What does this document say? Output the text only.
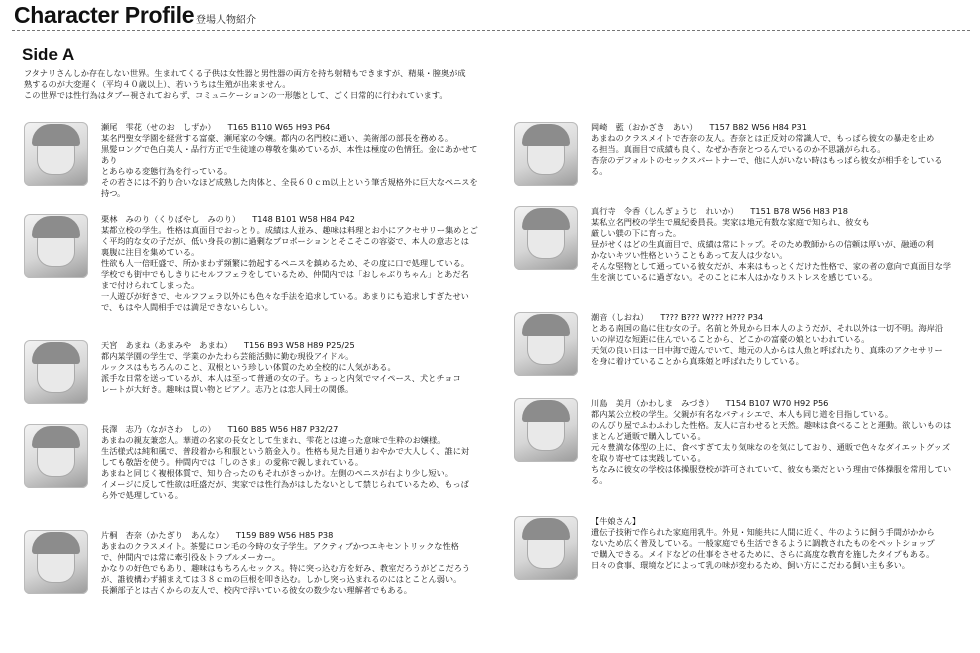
Character Profile 登場人物紹介
Side A

フタナリさんしか存在しない世界。生まれてくる子供は女性器と男性器の両方を持ち射精もできますが、精巣・膣奥が成

熟するのが大変遅く（平均４０歳以上）、若いうちは生殖が出来ません。

この世界では性行為はタブー視されておらず、コミュニケーションの一形態として、ごく日常的に行われています。

瀬尾　雫花（せのお　しずか） T165 B110 W65 H93 P64

某名門聖女学園を経営する富豪、瀬尾家の令嬢。都内の名門校に通い、美術部の部長を務める。

黒髪ロングで色白美人・品行方正で生徒達の尊敬を集めているが、本性は極度の色情狂。金にあかせてあり

とあらゆる変態行為を行っている。

その若さには不釣り合いなほど成熟した肉体と、全長６０ｃｍ以上という筆舌規格外に巨大なペニスを

持つ。

栗林　みのり（くりばやし　みのり） T148 B101 W58 H84 P42

某都立校の学生。性格は真面目でおっとり。成績は人並み、趣味は料理とお小にアクセサリー集めとご

く平均的な女の子だが、低い身長の割に過剰なプロポーションとそこそこの容姿で、本人の意志とは

裏腹に注目を集めている。

性欲も人一倍旺盛で、所かまわず頻繁に勃起するペニスを鎮めるため、その度に口で処理している。

学校でも街中でもしきりにセルフフェラをしているため、仲間内では「おしゃぶりちゃん」とあだ名

まで付けられてしまった。

一人遊びが好きで、セルフフェラ以外にも色々な手法を追求している。あまりにも追求しすぎたせい

で、もはや人間相手では満足できないらしい。

天宮　あまね（あまみや　あまね） T156 B93 W58 H89 P25/25

都内某学園の学生で、学業のかたわら芸能活動に勤む現役アイドル。

ルックスはもちろんのこと、双根という珍しい体質のため全校的に人気がある。

派手な日常を送っているが、本人は至って普通の女の子。ちょっと内気でマイペース、犬とチョコ

レートが大好き。趣味は買い物とピアノ。志乃とは恋人同士の関係。

長澤　志乃（ながさわ　しの） T160 B85 W56 H87 P32/27

あまねの親友兼恋人。華道の名家の長女として生まれ、雫花とは違った意味で生粋のお嬢様。

生活様式は純和風で、普段着から和服という筋金入り。性格も見た目通りおやかで大人しく、誰に対

しても敬語を使う。仲間内では「しのさま」の愛称で親しまれている。

あまねと同じく複根体質で、知り合ったのもそれがきっかけ。左側のペニスが右より少し短い。

イメージに反して性欲は旺盛だが、実家では性行為がはしたないとして禁じられているため、もっぱ

ら外で処理している。

片桐　杏奈（かたぎり　あんな） T159 B89 W56 H85 P38

あまねのクラスメイト。茶髪にロン毛の今時の女子学生。アクティブかつエキセントリックな性格

で、仲間内では常に牽引役＆トラブルメーカー。

かなりの好色でもあり、趣味はもちろんセックス。特に突っ込む方を好み、教室だろうがどこだろう

が、誰彼構わず捕まえては３８ｃｍの巨根を叩き込む。しかし突っ込まれるのにはとことん弱い。

長瀬部子とは古くからの友人で、校内で浮いている彼女の数少ない理解者でもある。

岡崎　藍（おかざき　あい） T157 B82 W56 H84 P31

あまねのクラスメイトで杏奈の友人。杏奈とは正反対の常識人で、もっぱら彼女の暴走を止め

る担当。真面目で成績も良く、なぜか杏奈とつるんでいるのか不思議がられる。

杏奈のデフォルトのセックスパートナーで、他に人がいない時はもっぱら彼女が相手をしている

る。

真行寺　令香（しんぎょうじ　れいか） T151 B78 W56 H83 P18

某私立名門校の学生で風紀委員長。実家は地元有数な家庭で知られ、彼女も

厳しい躾の下に育った。

昼がせくはどの生真面目で、成績は常にトップ。そのため教師からの信頼は厚いが、融通の利

かないキツい性格ということもあって友人は少ない。

そんな堅物として通っている彼女だが、本来はもっとくだけた性格で、家の者の意向で真面目な学

生を演じているに過ぎない。そのことに本人はかなりストレスを感じている。

潮音（しおね） T??? B??? W??? H??? P34

とある南国の島に住む女の子。名前と外見から日本人のようだが、それ以外は一切不明。海岸沿

いの岸辺な短距に住んでいることから、どこかの富豪の娘といわれている。

天気の良い日は一日中海で遊んでいて、地元の人からは人魚と呼ばれたり、真珠のアクセサリー

を身に着けていることから真珠姫と呼ばれたりしている。

川島　美月（かわしま　みづき） T154 B107 W70 H92 P56

都内某公立校の学生。父親が有名なパティシエで、本人も同じ道を目指している。

のんびり屋でふわふわした性格。友人に言わせると天然。趣味は食べることと運動。欲しいものは

まとんど通販で購入している。

元々豊満な体型の上に、食べすぎて太り気味なのを気にしており、通販で色々なダイエットグッズ

を取り寄せては実践している。

ちなみに彼女の学校は体操服登校が許可されていて、彼女も楽だという理由で体操服を常用してい

る。

【牛娘さん】

遺伝子技術で作られた家庭用乳牛。外見・知能共に人間に近く、牛のように飼う手間がかから

ないため広く普及している。一般家庭でも生活できるように調教されたものをペットショップ

で購入できる。メイドなどの仕事をさせるために、さらに高度な教育を施したタイプもある。

日々の食事、環境などによって乳の味が変わるため、飼い方にこだわる飼い主も多い。
